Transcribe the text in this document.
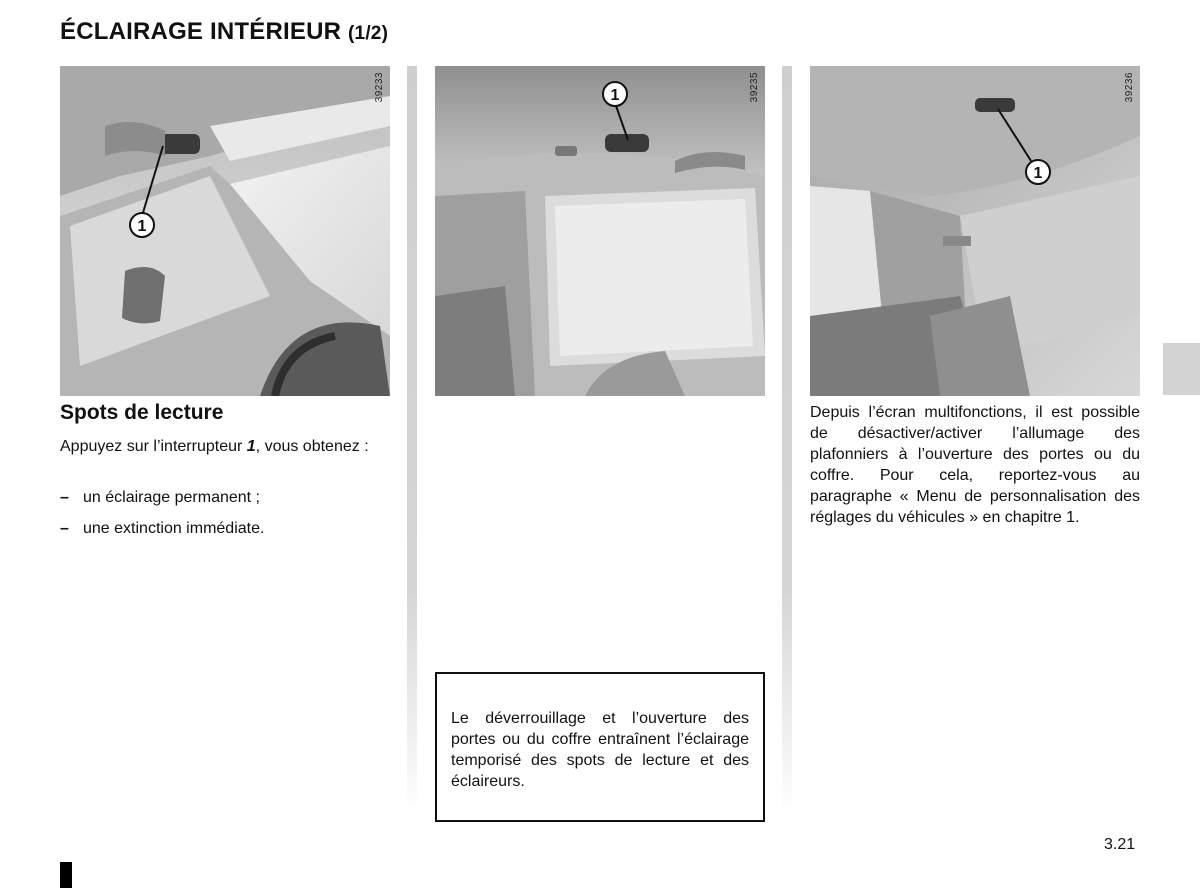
ÉCLAIRAGE INTÉRIEUR (1/2)
1
39233	1	39235
1
39236
Spots de lecture

Appuyez sur l’interrupteur 1, vous obtenez :

– un éclairage permanent ;
– une extinction immédiate.

Le déverrouillage et l’ouverture des portes ou du coffre entraînent l’éclairage temporisé des spots de lecture et des éclaireurs.

Depuis l’écran multifonctions, il est possible de désactiver/activer l’allumage des plafonniers à l’ouverture des portes ou du coffre. Pour cela, reportez-vous au paragraphe « Menu de personnalisation des réglages du véhicules » en chapitre 1.

3.21
